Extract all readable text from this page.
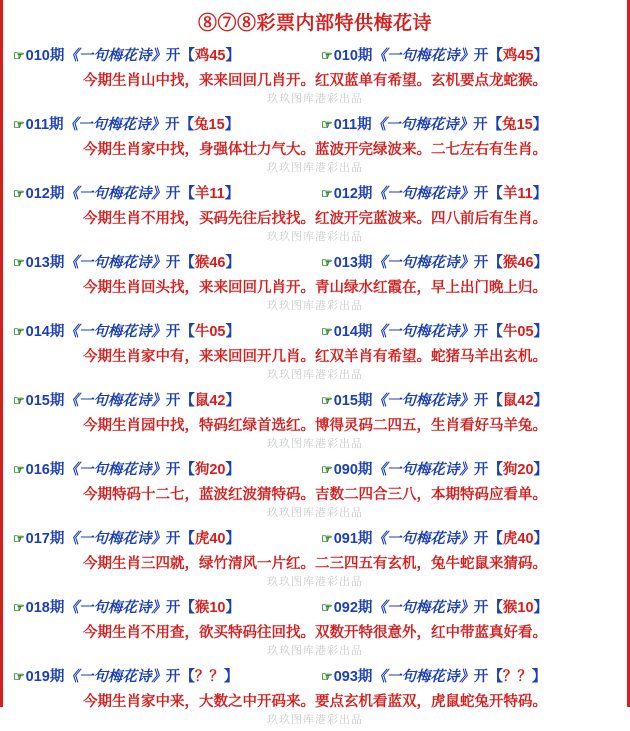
⑧⑦⑧彩票内部特供梅花诗
☞ 010期 《一句梅花诗》 开 【 鸡45 】	☞ 010期 《一句梅花诗》 开 【 鸡45 】
今期生肖山中找，来来回回几肖开。红双蓝单有希望。玄机要点龙蛇猴。
玖玖图库港彩出品
☞ 011期 《一句梅花诗》 开 【 兔15 】	☞ 011期 《一句梅花诗》 开 【 兔15 】
今期生肖家中找，身强体壮力气大。蓝波开完绿波来。二七左右有生肖。
玖玖图库港彩出品
☞ 012期 《一句梅花诗》 开 【 羊11 】	☞ 012期 《一句梅花诗》 开 【 羊11 】
今期生肖不用找，买码先往后找找。红波开完蓝波来。四八前后有生肖。
玖玖图库港彩出品
☞ 013期 《一句梅花诗》 开 【 猴46 】	☞ 013期 《一句梅花诗》 开 【 猴46 】
今期生肖回头找，来来回回几肖开。青山绿水红霞在，早上出门晚上归。
玖玖图库港彩出品
☞ 014期 《一句梅花诗》 开 【 牛05 】	☞ 014期 《一句梅花诗》 开 【 牛05 】
今期生肖家中有，来来回回开几肖。红双羊肖有希望。蛇猪马羊出玄机。
玖玖图库港彩出品
☞ 015期 《一句梅花诗》 开 【 鼠42 】	☞ 015期 《一句梅花诗》 开 【 鼠42 】
今期生肖园中找，特码红绿首选红。博得灵码二四五，生肖看好马羊兔。
玖玖图库港彩出品
☞ 016期 《一句梅花诗》 开 【 狗20 】	☞ 090期 《一句梅花诗》 开 【 狗20 】
今期特码十二七，蓝波红波猜特码。吉数二四合三八，本期特码应看单。
玖玖图库港彩出品
☞ 017期 《一句梅花诗》 开 【 虎40 】	☞ 091期 《一句梅花诗》 开 【 虎40 】
今期生肖三四就，绿竹清风一片红。二三四五有玄机，兔牛蛇鼠来猜码。
玖玖图库港彩出品
☞ 018期 《一句梅花诗》 开 【 猴10 】	☞ 092期 《一句梅花诗》 开 【 猴10 】
今期生肖不用查，欲买特码往回找。双数开特很意外，红中带蓝真好看。
玖玖图库港彩出品
☞ 019期 《一句梅花诗》 开 【 ？？ 】	☞ 093期 《一句梅花诗》 开 【 ？？ 】
今期生肖家中来，大数之中开码来。要点玄机看蓝双，虎鼠蛇兔开特码。
玖玖图库港彩出品
